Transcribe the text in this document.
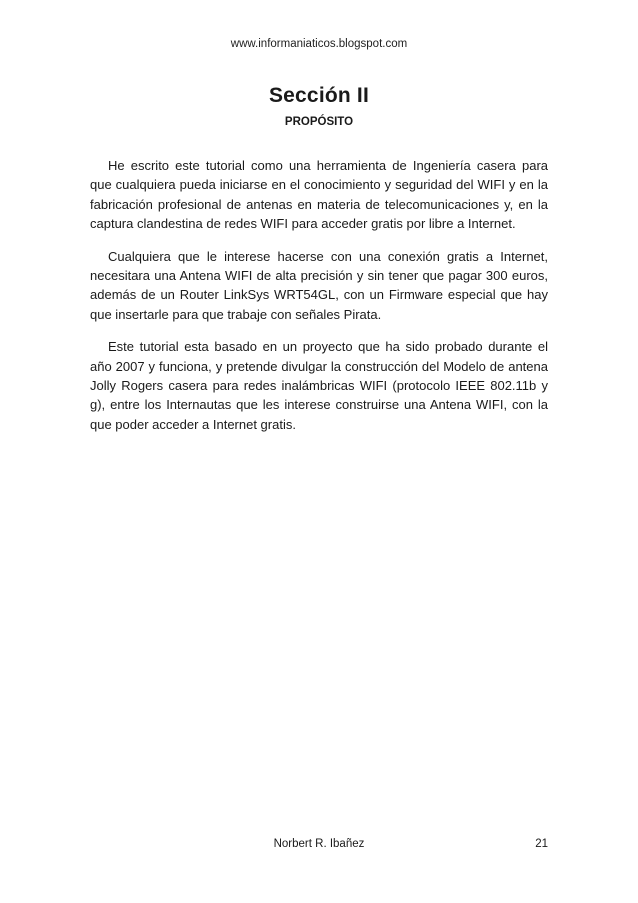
www.informaniaticos.blogspot.com
Sección II
PROPÓSITO

He escrito este tutorial como una herramienta de Ingeniería casera para que cualquiera pueda iniciarse en el conocimiento y seguridad del WIFI y en la fabricación profesional de antenas en materia de telecomunicaciones y, en la captura clandestina de redes WIFI para acceder gratis por libre a Internet.

Cualquiera que le interese hacerse con una conexión gratis a Internet, necesitara una Antena WIFI de alta precisión y sin tener que pagar 300 euros, además de un Router LinkSys WRT54GL, con un Firmware especial que hay que insertarle para que trabaje con señales Pirata.

Este tutorial esta basado en un proyecto que ha sido probado durante el año 2007 y funciona, y pretende divulgar la construcción del Modelo de antena Jolly Rogers casera para redes inalámbricas WIFI (protocolo IEEE 802.11b y g), entre los Internautas que les interese construirse una Antena WIFI, con la que poder acceder a Internet gratis.

Norbert R. Ibañez	21
